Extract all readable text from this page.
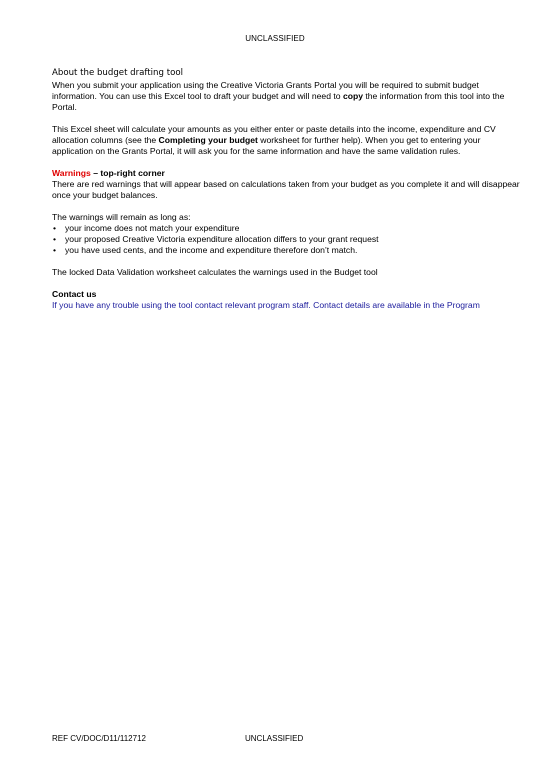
UNCLASSIFIED
About the budget drafting tool

When you submit your application using the Creative Victoria Grants Portal you will be required to submit budget information. You can use this Excel tool to draft your budget and will need to copy the information from this tool into the Portal.

This Excel sheet will calculate your amounts as you either enter or paste details into the income, expenditure and CV allocation columns (see the Completing your budget worksheet for further help). When you get to entering your application on the Grants Portal, it will ask you for the same information and have the same validation rules.

Warnings – top-right corner

There are red warnings that will appear based on calculations taken from your budget as you complete it and will disappear once your budget balances.

The warnings will remain as long as:

• your income does not match your expenditure
• your proposed Creative Victoria expenditure allocation differs to your grant request
• you have used cents, and the income and expenditure therefore don’t match.

The locked Data Validation worksheet calculates the warnings used in the Budget tool

Contact us

If you have any trouble using the tool contact relevant program staff. Contact details are available in the Program

REF CV/DOC/D11/112712	UNCLASSIFIED
